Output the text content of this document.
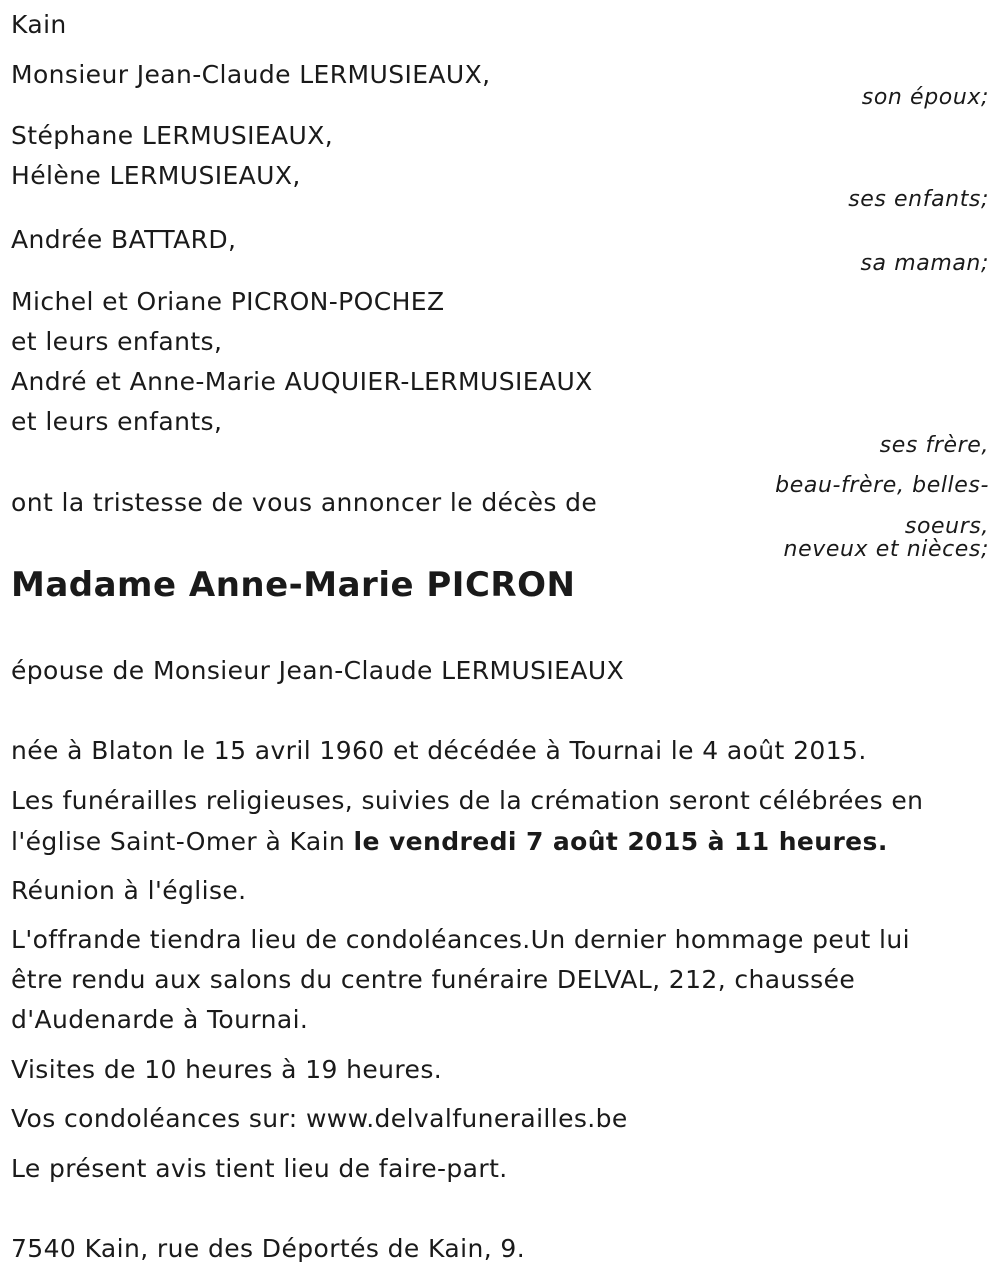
Kain
Monsieur Jean-Claude LERMUSIEAUX,
son époux;
Stéphane LERMUSIEAUX,
Hélène LERMUSIEAUX,
ses enfants;
Andrée BATTARD,
sa maman;
Michel et Oriane PICRON-POCHEZ
et leurs enfants,
André et Anne-Marie AUQUIER-LERMUSIEAUX
et leurs enfants,
ses frère,
beau-frère, belles-
soeurs,
neveux et nièces;
ont la tristesse de vous annoncer le décès de
Madame Anne-Marie PICRON
épouse de Monsieur Jean-Claude LERMUSIEAUX
née à Blaton le 15 avril 1960 et décédée à Tournai le 4 août 2015.
Les funérailles religieuses, suivies de la crémation seront célébrées en
l'église Saint-Omer à Kain le vendredi 7 août 2015 à 11 heures.
Réunion à l'église.
L'offrande tiendra lieu de condoléances.Un dernier hommage peut lui
être rendu aux salons du centre funéraire DELVAL, 212, chaussée
d'Audenarde à Tournai.
Visites de 10 heures à 19 heures.
Vos condoléances sur: www.delvalfunerailles.be
Le présent avis tient lieu de faire-part.
7540 Kain, rue des Déportés de Kain, 9.
